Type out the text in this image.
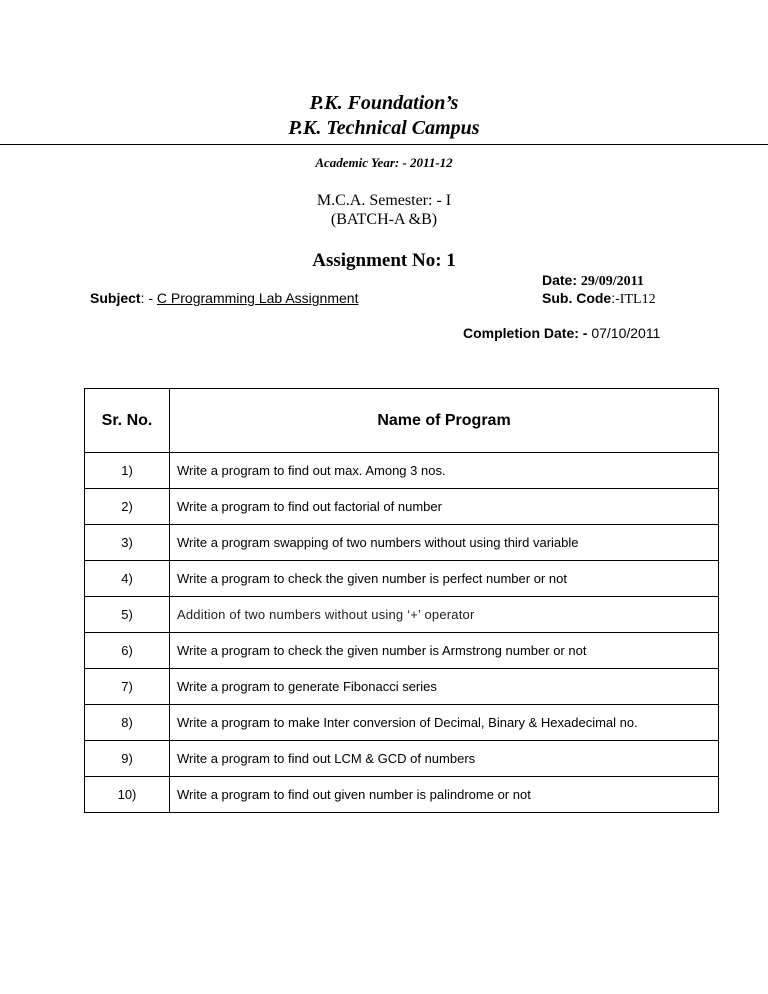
P.K. Foundation’s
P.K. Technical Campus
Academic Year: - 2011-12
M.C.A. Semester: - I
(BATCH-A &B)
Assignment No: 1
Date: 29/09/2011
Subject: - C Programming Lab Assignment	Sub. Code:-ITL12
Completion Date: - 07/10/2011
Sr. No.	Name of Program
1)	Write a program to find out max. Among 3 nos.
2)	Write a program to find out factorial of number
3)	Write a program swapping of two numbers without using third variable
4)	Write a program to check the given number is perfect number or not
5)	Addition of two numbers without using ‘+’ operator
6)	Write a program to check the given number is Armstrong number or not
7)	Write a program to generate Fibonacci series
8)	Write a program to make Inter conversion of Decimal, Binary & Hexadecimal no.
9)	Write a program to find out LCM & GCD of numbers
10)	Write a program to find out given number is palindrome or not
